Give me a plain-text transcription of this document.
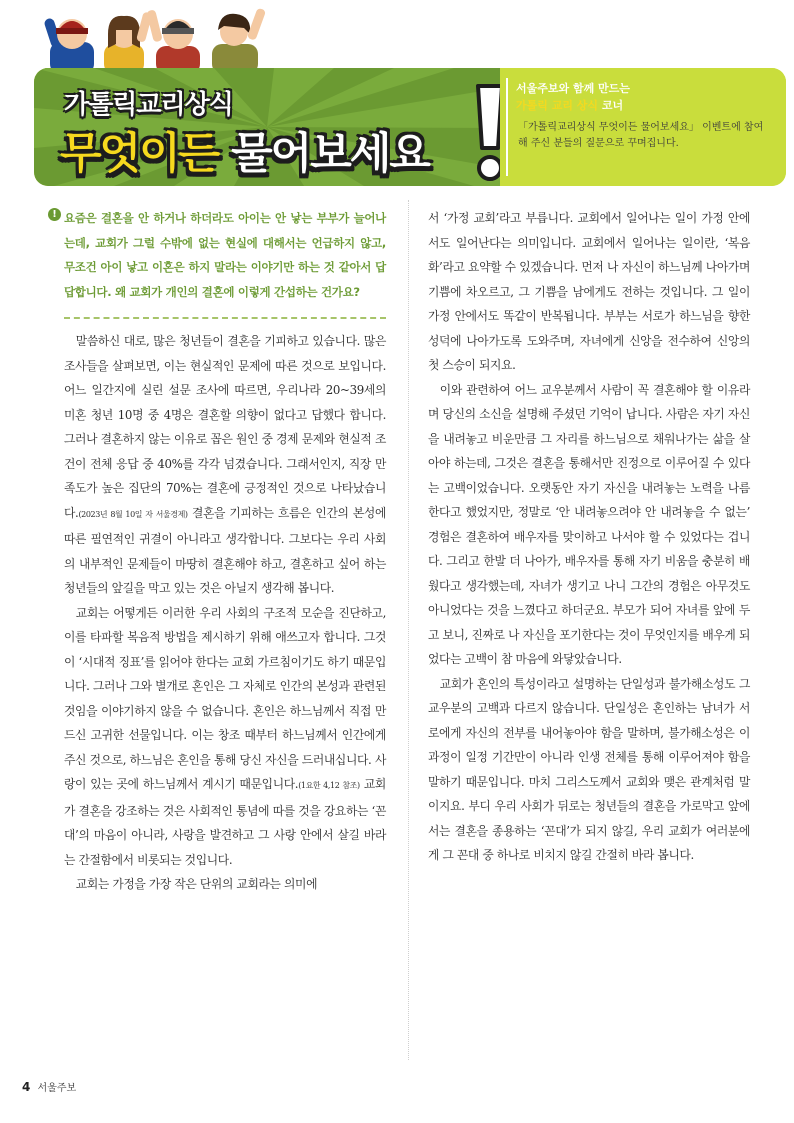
가톨릭교리상식
무엇이든 물어보세요
서울주보와 함께 만드는
가톨릭 교리 상식 코너
「가톨릭교리상식 무엇이든 물어보세요」 이벤트에 참여해 주신 분들의 질문으로 꾸며집니다.
! 요즘은 결혼을 안 하거나 하더라도 아이는 안 낳는 부부가 늘어나는데, 교회가 그럴 수밖에 없는 현실에 대해서는 언급하지 않고, 무조건 아이 낳고 이혼은 하지 말라는 이야기만 하는 것 같아서 답답합니다. 왜 교회가 개인의 결혼에 이렇게 간섭하는 건가요?

말씀하신 대로, 많은 청년들이 결혼을 기피하고 있습니다. 많은 조사들을 살펴보면, 이는 현실적인 문제에 따른 것으로 보입니다. 어느 일간지에 실린 설문 조사에 따르면, 우리나라 20~39세의 미혼 청년 10명 중 4명은 결혼할 의향이 없다고 답했다 합니다. 그러나 결혼하지 않는 이유로 꼽은 원인 중 경제 문제와 현실적 조건이 전체 응답 중 40%를 각각 넘겼습니다. 그래서인지, 직장 만족도가 높은 집단의 70%는 결혼에 긍정적인 것으로 나타났습니다.(2023년 8월 10일 자 서울경제) 결혼을 기피하는 흐름은 인간의 본성에 따른 필연적인 귀결이 아니라고 생각합니다. 그보다는 우리 사회의 내부적인 문제들이 마땅히 결혼해야 하고, 결혼하고 싶어 하는 청년들의 앞길을 막고 있는 것은 아닐지 생각해 봅니다.

교회는 어떻게든 이러한 우리 사회의 구조적 모순을 진단하고, 이를 타파할 복음적 방법을 제시하기 위해 애쓰고자 합니다. 그것이 ‘시대적 징표’를 읽어야 한다는 교회 가르침이기도 하기 때문입니다. 그러나 그와 별개로 혼인은 그 자체로 인간의 본성과 관련된 것임을 이야기하지 않을 수 없습니다. 혼인은 하느님께서 직접 만드신 고귀한 선물입니다. 이는 창조 때부터 하느님께서 인간에게 주신 것으로, 하느님은 혼인을 통해 당신 자신을 드러내십니다. 사랑이 있는 곳에 하느님께서 계시기 때문입니다.(1요한 4,12 참조) 교회가 결혼을 강조하는 것은 사회적인 통념에 따를 것을 강요하는 ‘꼰대’의 마음이 아니라, 사랑을 발견하고 그 사랑 안에서 살길 바라는 간절함에서 비롯되는 것입니다.

교회는 가정을 가장 작은 단위의 교회라는 의미에

서 ‘가정 교회’라고 부릅니다. 교회에서 일어나는 일이 가정 안에서도 일어난다는 의미입니다. 교회에서 일어나는 일이란, ‘복음화’라고 요약할 수 있겠습니다. 먼저 나 자신이 하느님께 나아가며 기쁨에 차오르고, 그 기쁨을 남에게도 전하는 것입니다. 그 일이 가정 안에서도 똑같이 반복됩니다. 부부는 서로가 하느님을 향한 성덕에 나아가도록 도와주며, 자녀에게 신앙을 전수하여 신앙의 첫 스승이 되지요.

이와 관련하여 어느 교우분께서 사람이 꼭 결혼해야 할 이유라며 당신의 소신을 설명해 주셨던 기억이 납니다. 사람은 자기 자신을 내려놓고 비운만큼 그 자리를 하느님으로 채워나가는 삶을 살아야 하는데, 그것은 결혼을 통해서만 진정으로 이루어질 수 있다는 고백이었습니다. 오랫동안 자기 자신을 내려놓는 노력을 나름 한다고 했었지만, 정말로 ‘안 내려놓으려야 안 내려놓을 수 없는’ 경험은 결혼하여 배우자를 맞이하고 나서야 할 수 있었다는 겁니다. 그리고 한발 더 나아가, 배우자를 통해 자기 비움을 충분히 배웠다고 생각했는데, 자녀가 생기고 나니 그간의 경험은 아무것도 아니었다는 것을 느꼈다고 하더군요. 부모가 되어 자녀를 앞에 두고 보니, 진짜로 나 자신을 포기한다는 것이 무엇인지를 배우게 되었다는 고백이 참 마음에 와닿았습니다.

교회가 혼인의 특성이라고 설명하는 단일성과 불가해소성도 그 교우분의 고백과 다르지 않습니다. 단일성은 혼인하는 남녀가 서로에게 자신의 전부를 내어놓아야 함을 말하며, 불가해소성은 이 과정이 일정 기간만이 아니라 인생 전체를 통해 이루어져야 함을 말하기 때문입니다. 마치 그리스도께서 교회와 맺은 관계처럼 말이지요. 부디 우리 사회가 뒤로는 청년들의 결혼을 가로막고 앞에서는 결혼을 종용하는 ‘꼰대’가 되지 않길, 우리 교회가 여러분에게 그 꼰대 중 하나로 비치지 않길 간절히 바라 봅니다.

4 서울주보
